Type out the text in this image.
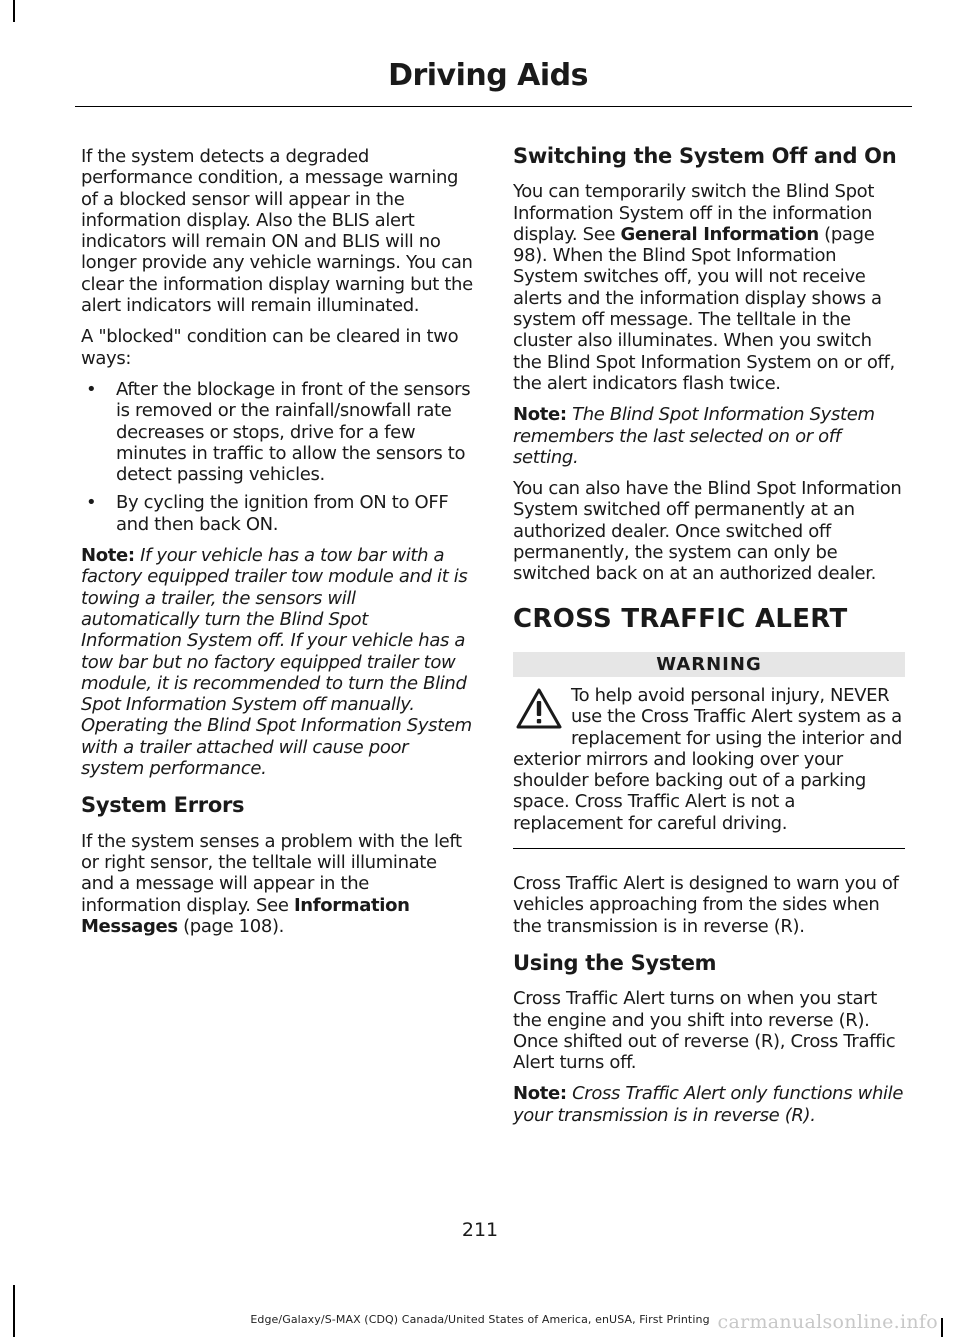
Driving Aids

If the system detects a degraded performance condition, a message warning of a blocked sensor will appear in the information display. Also the BLIS alert indicators will remain ON and BLIS will no longer provide any vehicle warnings. You can clear the information display warning but the alert indicators will remain illuminated.

A "blocked" condition can be cleared in two ways:

• After the blockage in front of the sensors is removed or the rainfall/snowfall rate decreases or stops, drive for a few minutes in traffic to allow the sensors to detect passing vehicles.
• By cycling the ignition from ON to OFF and then back ON.

Note: If your vehicle has a tow bar with a factory equipped trailer tow module and it is towing a trailer, the sensors will automatically turn the Blind Spot Information System off. If your vehicle has a tow bar but no factory equipped trailer tow module, it is recommended to turn the Blind Spot Information System off manually. Operating the Blind Spot Information System with a trailer attached will cause poor system performance.

System Errors

If the system senses a problem with the left or right sensor, the telltale will illuminate and a message will appear in the information display. See Information Messages (page 108).

Switching the System Off and On

You can temporarily switch the Blind Spot Information System off in the information display. See General Information (page 98). When the Blind Spot Information System switches off, you will not receive alerts and the information display shows a system off message. The telltale in the cluster also illuminates. When you switch the Blind Spot Information System on or off, the alert indicators flash twice.

Note: The Blind Spot Information System remembers the last selected on or off setting.

You can also have the Blind Spot Information System switched off permanently at an authorized dealer. Once switched off permanently, the system can only be switched back on at an authorized dealer.

CROSS TRAFFIC ALERT
WARNING

To help avoid personal injury, NEVER use the Cross Traffic Alert system as a replacement for using the interior and exterior mirrors and looking over your shoulder before backing out of a parking space. Cross Traffic Alert is not a replacement for careful driving.

Cross Traffic Alert is designed to warn you of vehicles approaching from the sides when the transmission is in reverse (R).

Using the System

Cross Traffic Alert turns on when you start the engine and you shift into reverse (R). Once shifted out of reverse (R), Cross Traffic Alert turns off.

Note: Cross Traffic Alert only functions while your transmission is in reverse (R).

211
Edge/Galaxy/S-MAX (CDQ) Canada/United States of America, enUSA, First Printing carmanualsonline.info
